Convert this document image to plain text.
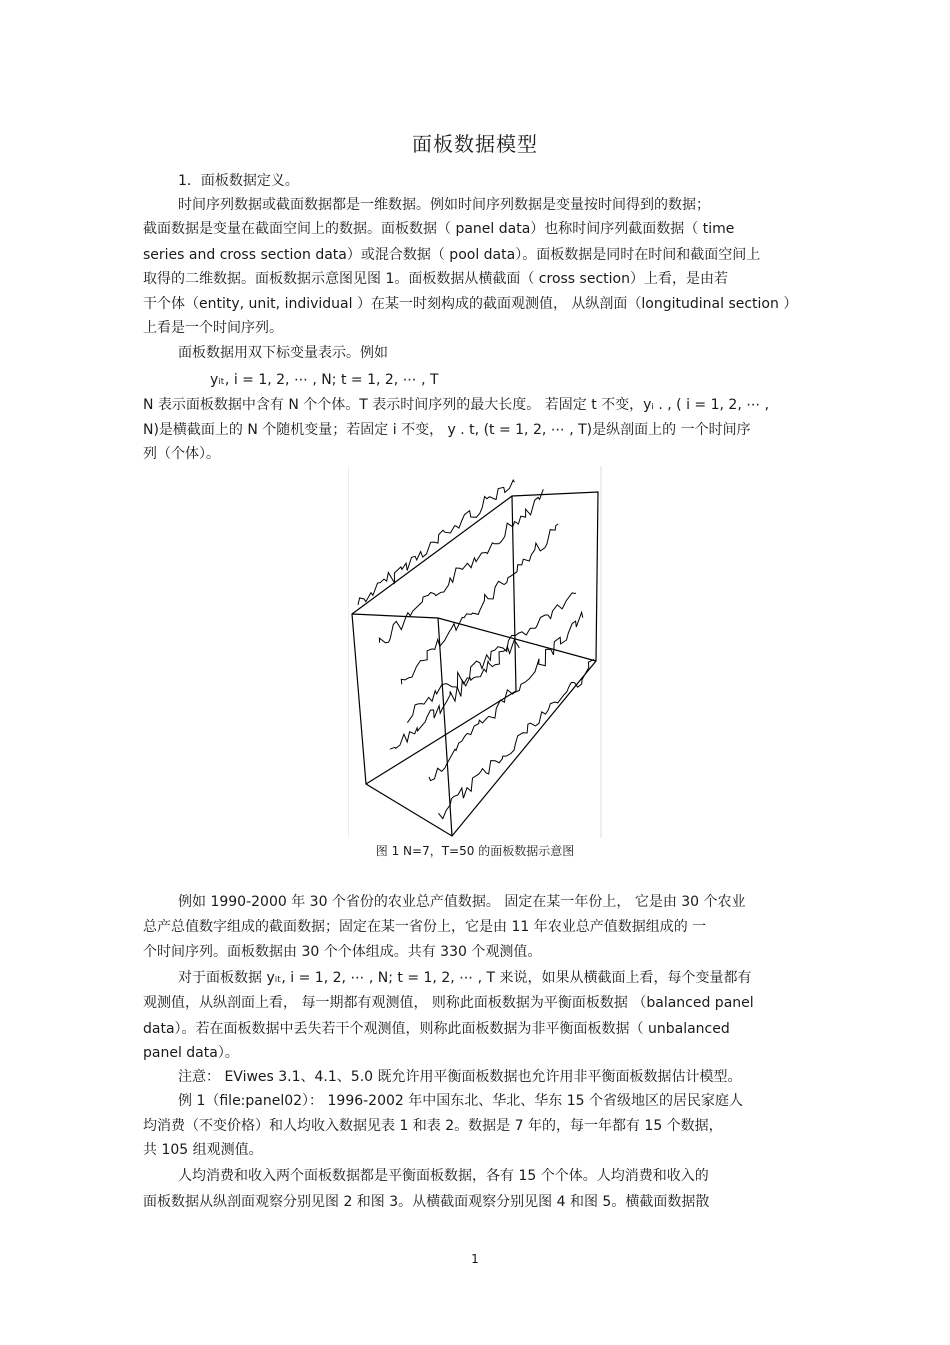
面板数据模型
1．面板数据定义。
时间序列数据或截面数据都是一维数据。例如时间序列数据是变量按时间得到的数据；
截面数据是变量在截面空间上的数据。面板数据（ panel data）也称时间序列截面数据（ time
series and cross section data）或混合数据（ pool data）。面板数据是同时在时间和截面空间上
取得的二维数据。面板数据示意图见图 1。面板数据从横截面（ cross section）上看，是由若
干个体（entity, unit, individual ）在某一时刻构成的截面观测值， 从纵剖面（longitudinal section ）
上看是一个时间序列。
面板数据用双下标变量表示。例如
yᵢₜ, i = 1, 2, ⋯ , N; t = 1, 2, ⋯ , T
N 表示面板数据中含有 N 个个体。T 表示时间序列的最大长度。 若固定 t 不变，yᵢ . , ( i = 1, 2, ⋯ ,
N)是横截面上的 N 个随机变量；若固定 i 不变， y . t, (t = 1, 2, ⋯ , T)是纵剖面上的 一个时间序
列（个体）。
图 1 N=7，T=50 的面板数据示意图
例如 1990-2000 年 30 个省份的农业总产值数据。 固定在某一年份上， 它是由 30 个农业
总产总值数字组成的截面数据；固定在某一省份上，它是由 11 年农业总产值数据组成的 一
个时间序列。面板数据由 30 个个体组成。共有 330 个观测值。
对于面板数据 yᵢₜ, i = 1, 2, ⋯ , N; t = 1, 2, ⋯ , T 来说，如果从横截面上看，每个变量都有
观测值，从纵剖面上看， 每一期都有观测值， 则称此面板数据为平衡面板数据 （balanced panel
data）。若在面板数据中丢失若干个观测值，则称此面板数据为非平衡面板数据（ unbalanced
panel data）。
注意： EViwes 3.1、4.1、5.0 既允许用平衡面板数据也允许用非平衡面板数据估计模型。
例 1（file:panel02）： 1996-2002 年中国东北、华北、华东 15 个省级地区的居民家庭人
均消费（不变价格）和人均收入数据见表 1 和表 2。数据是 7 年的，每一年都有 15 个数据，
共 105 组观测值。
人均消费和收入两个面板数据都是平衡面板数据，各有 15 个个体。人均消费和收入的
面板数据从纵剖面观察分别见图 2 和图 3。从横截面观察分别见图 4 和图 5。横截面数据散
1
